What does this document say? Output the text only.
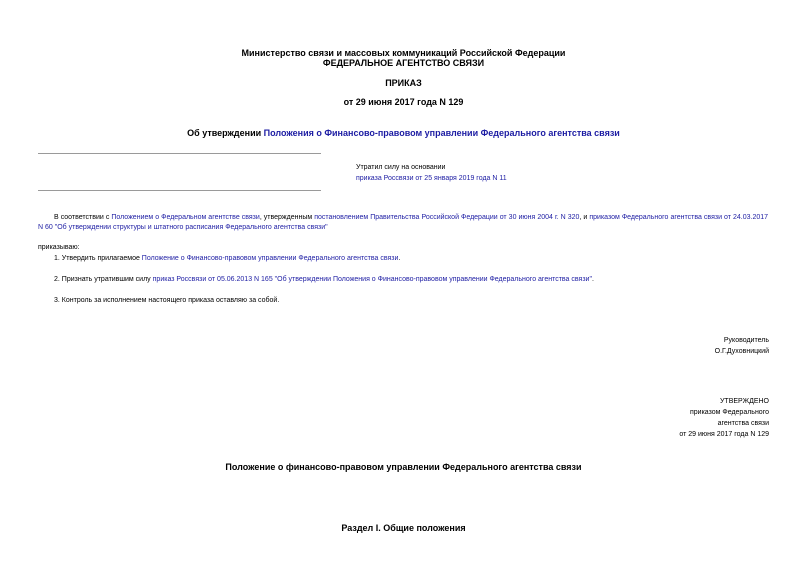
Министерство связи и массовых коммуникаций Российской Федерации
ФЕДЕРАЛЬНОЕ АГЕНТСТВО СВЯЗИ
ПРИКАЗ
от 29 июня 2017 года N 129
Об утверждении Положения о Финансово-правовом управлении Федерального агентства связи
Утратил силу на основании
приказа Россвязи от 25 января 2019 года N 11
В соответствии с Положением о Федеральном агентстве связи, утвержденным постановлением Правительства Российской Федерации от 30 июня 2004 г. N 320, и приказом Федерального агентства связи от 24.03.2017 N 60 "Об утверждении структуры и штатного расписания Федерального агентства связи"
приказываю:
1. Утвердить прилагаемое Положение о Финансово-правовом управлении Федерального агентства связи.
2. Признать утратившим силу приказ Россвязи от 05.06.2013 N 165 "Об утверждении Положения о Финансово-правовом управлении Федерального агентства связи".
3. Контроль за исполнением настоящего приказа оставляю за собой.
Руководитель
О.Г.Духовницкий
УТВЕРЖДЕНО
приказом Федерального
агентства связи
от 29 июня 2017 года N 129
Положение о финансово-правовом управлении Федерального агентства связи
Раздел I. Общие положения
